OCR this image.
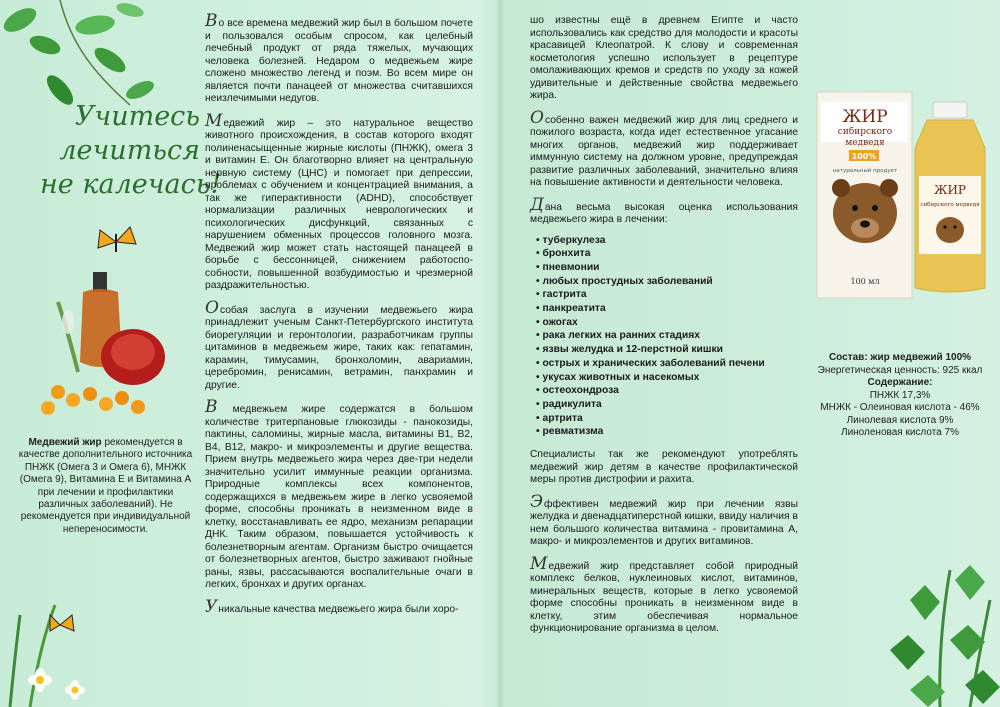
Учитесь
лечиться
не калечась!
Медвежий жир рекомендуется в качестве дополнительного источника ПНЖК (Омега 3 и Омега 6), МНЖК (Омега 9), Витамина Е и Витамина А при лечении и профилактики различных заболеваний). Не рекомендуется при индивидуальной непереносимости.

Во все времена медвежий жир был в большом почете и пользовался особым спросом, как целебный лечебный продукт от ряда тяжелых, мучающих человека болезней. Недаром о медвежьем жире сложено множество легенд и поэм. Во всем мире он является почти панацеей от множества считавшихся неизлечимыми недугов.

Медвежий жир – это натуральное вещество животного происхождения, в состав которого входят полиненасыщенные жирные кислоты (ПНЖК), омега 3 и витамин Е. Он благотворно влияет на центральную нервную систему (ЦНС) и помогает при депрессии, проблемах с обучением и концентрацией внимания, а так же гиперактивности (ADHD), способствует нормализации различных неврологических и психологических дисфункций, связанных с нарушением обменных процессов головного мозга. Медвежий жир может стать настоящей панацеей в борьбе с бессонницей, снижением работоспо-собности, повышенной возбудимостью и чрезмерной раздражительностью.

Особая заслуга в изучении медвежьего жира принадлежит ученым Санкт-Петербургского института биорегуляции и геронтологии, разработчикам группы цитаминов в медвежьем жире, таких как: гепатамин, карамин, тимусамин, бронхоломин, авариамин, церебромин, ренисамин, ветрамин, панхрамин и другие.

В медвежьем жире содержатся в большом количестве тритерпановые глюкозиды - панокозиды, пактины, саломины, жирные масла, витамины В1, В2, В4, В12, макро- и микроэлементы и другие вещества. Прием внутрь медвежьего жира через две-три недели значительно усилит иммунные реакции организма. Природные комплексы всех компонентов, содержащихся в медвежьем жире в легко усвояемой форме, способны проникать в неизменном виде в клетку, восстанавливать ее ядро, механизм репарации ДНК. Таким образом, повышается устойчивость к болезнетворным агентам. Организм быстро очищается от болезнетворных агентов, быстро заживают гнойные раны, язвы, рассасываются воспалительные очаги в легких, бронхах и других органах.

Уникальные качества медвежьего жира были хоро-

шо известны ещё в древнем Египте и часто использовались как средство для молодости и красоты красавицей Клеопатрой. К слову и современная косметология успешно использует в рецептуре омолаживающих кремов и средств по уходу за кожей удивительные и действенные свойства медвежьего жира.

Особенно важен медвежий жир для лиц среднего и пожилого возраста, когда идет естественное угасание многих органов, медвежий жир поддерживает иммунную систему на должном уровне, предупреждая развитие различных заболеваний, значительно влияя на повышение активности и деятельности человека.

Дана весьма высокая оценка использования медвежьего жира в лечении:

• туберкулеза
• бронхита
• пневмонии
• любых простудных заболеваний
• гастрита
• панкреатита
• ожогах
• рака легких на ранних стадиях
• язвы желудка и 12-перстной кишки
• острых и хранических заболеваний печени
• укусах животных и насекомых
• остеохондроза
• радикулита
• артрита
• ревматизма

Специалисты так же рекомендуют употреблять медвежий жир детям в качестве профилактической меры против дистрофии и рахита.

Эффективен медвежий жир при лечении язвы желудка и двенадцатиперстной кишки, ввиду наличия в нем большого количества витамина - провитамина А, макро- и микроэлементов и других витаминов.

Медвежий жир представляет собой природный комплекс белков, нуклеиновых кислот, витаминов, минеральных веществ, которые в легко усвояемой форме способны проникать в неизменном виде в клетку, этим обеспечивая нормальное функционирование организма в целом.

ЖИР
сибирского
медведя
100%
натуральный продукт
100 мл
ЖИР
сибирского медведя
Состав: жир медвежий 100%
Энергетическая ценность: 925 ккал
Содержание:
ПНЖК 17,3%
МНЖК - Олеиновая кислота - 46%
Линолевая кислота 9%
Линоленовая кислота 7%
